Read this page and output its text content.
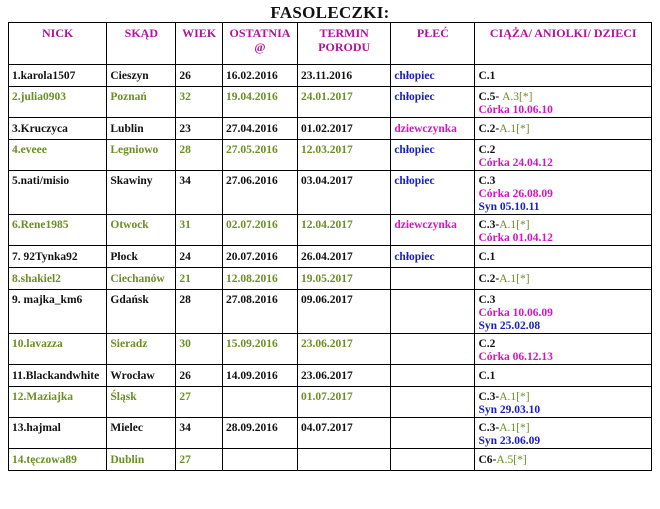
FASOLECZKI:
NICK	SKĄD	WIEK	OSTATNIA @	TERMIN PORODU	PŁEĆ	CIĄŻA/ ANIOLKI/ DZIECI
1.karola1507	Cieszyn	26	16.02.2016	23.11.2016	chłopiec	C.1

2.julia0903	Poznań	32	19.04.2016	24.01.2017	chłopiec	C.5- A.3[*]
Córka 10.06.10

3.Kruczyca	Lublin	23	27.04.2016	01.02.2017	dziewczynka	C.2-A.1[*]

4.eveee	Legniowo	28	27.05.2016	12.03.2017	chłopiec	C.2
Córka 24.04.12

5.nati/misio	Skawiny	34	27.06.2016	03.04.2017	chłopiec	C.3
Córka 26.08.09
Syn 05.10.11

6.Rene1985	Otwock	31	02.07.2016	12.04.2017	dziewczynka	C.3-A.1[*]
Córka 01.04.12

7. 92Tynka92	Płock	24	20.07.2016	26.04.2017	chłopiec	C.1

8.shakiel2	Ciechanów	21	12.08.2016	19.05.2017		C.2-A.1[*]

9. majka_km6	Gdańsk	28	27.08.2016	09.06.2017		C.3
Córka 10.06.09
Syn 25.02.08

10.lavazza	Sieradz	30	15.09.2016	23.06.2017		C.2
Córka 06.12.13

11.Blackandwhite	Wrocław	26	14.09.2016	23.06.2017		C.1

12.Maziajka	Śląsk	27		01.07.2017		C.3-A.1[*]
Syn 29.03.10

13.hajmal	Mielec	34	28.09.2016	04.07.2017		C.3-A.1[*]
Syn 23.06.09

14.tęczowa89	Dublin	27				C6-A.5[*]
